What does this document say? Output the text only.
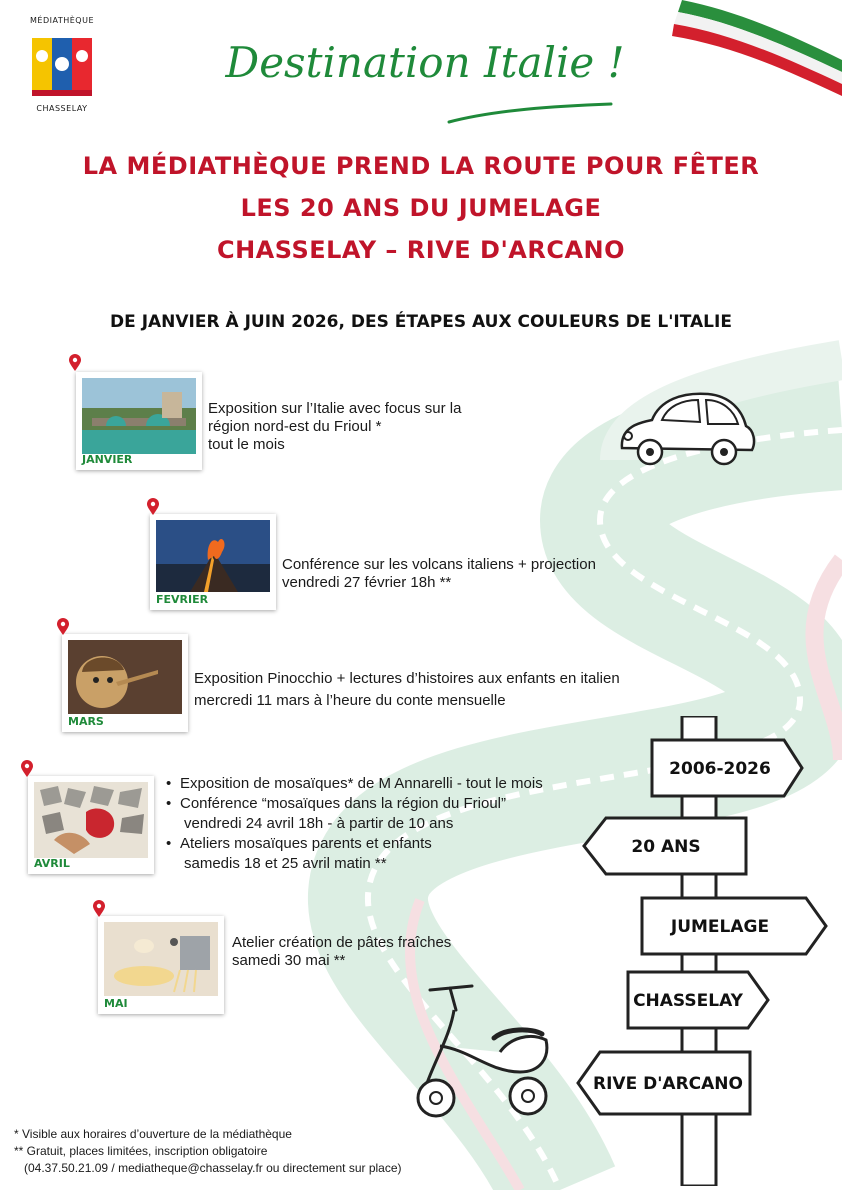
MÉDIATHÈQUE
CHASSELAY
Destination Italie !
LA MÉDIATHÈQUE PREND LA ROUTE POUR FÊTER
LES 20 ANS DU JUMELAGE
CHASSELAY – RIVE D'ARCANO
DE JANVIER À JUIN 2026, DES ÉTAPES AUX COULEURS DE L'ITALIE
JANVIER
Exposition sur l’Italie avec focus sur la
région nord-est du Frioul *
tout le mois
FEVRIER
Conférence sur les volcans italiens + projection
vendredi 27 février 18h **
MARS
Exposition Pinocchio + lectures d’histoires aux enfants en italien
mercredi 11 mars à l’heure du conte mensuelle
AVRIL
• Exposition de mosaïques* de M Annarelli - tout le mois
• Conférence “mosaïques dans la région du Frioul”
vendredi 24 avril 18h - à partir de 10 ans
• Ateliers mosaïques parents et enfants
samedis 18 et 25 avril matin **
MAI
Atelier création de pâtes fraîches
samedi 30 mai **
2006-2026
20 ANS
JUMELAGE
CHASSELAY
RIVE D'ARCANO
* Visible aux horaires d’ouverture de la médiathèque
** Gratuit, places limitées, inscription obligatoire
(04.37.50.21.09 / mediatheque@chasselay.fr ou directement sur place)
